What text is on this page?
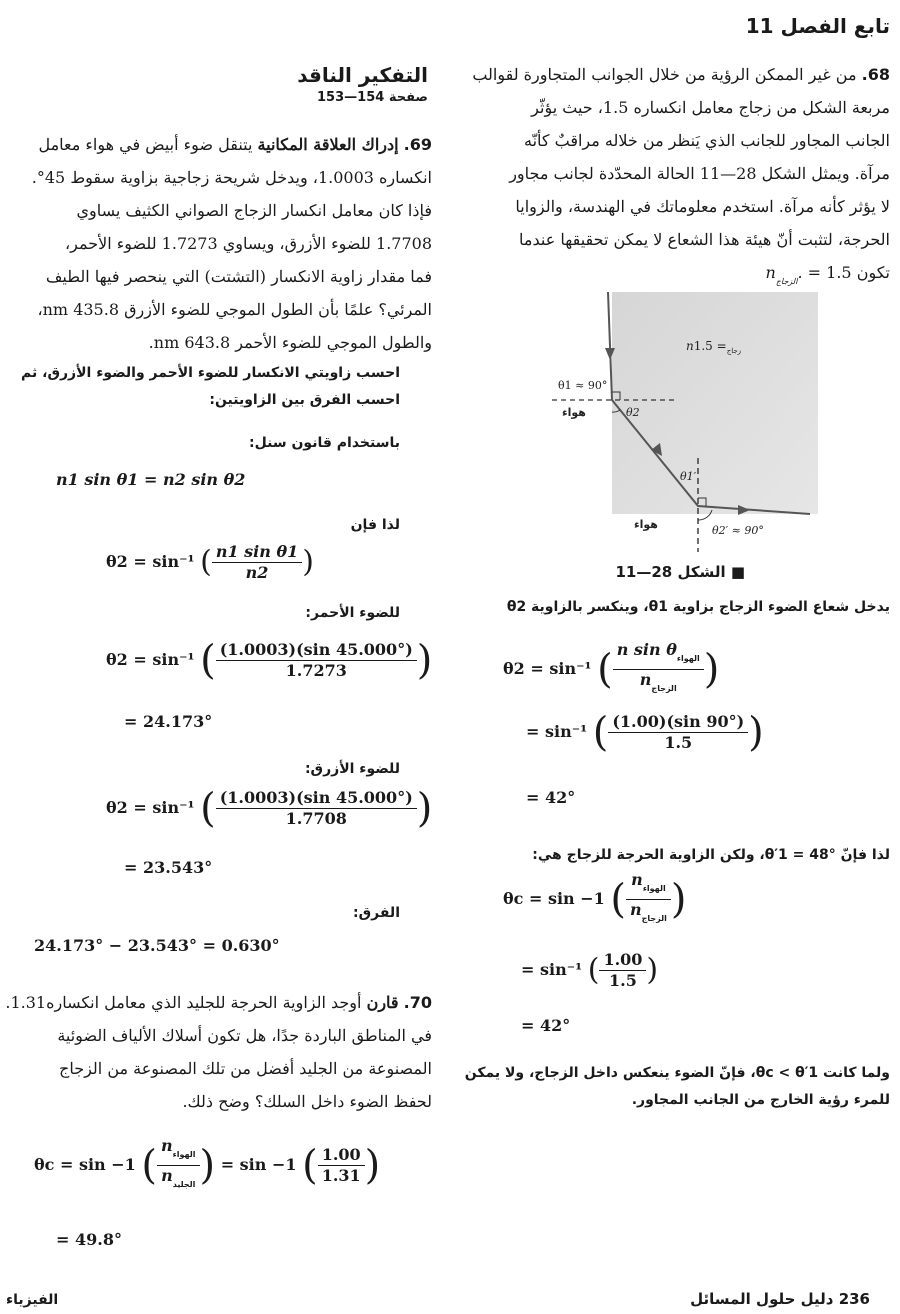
تابع الفصل 11
68. من غير الممكن الرؤية من خلال الجوانب المتجاورة لقوالب
مربعة الشكل من زجاج معامل انكساره 1.5، حيث يؤثّر
الجانب المجاور للجانب الذي يَنظر من خلاله مراقبٌ كأنّه
مرآة. ويمثل الشكل 28—11 الحالة المحدّدة لجانب مجاور
لا يؤثر كأنه مرآة. استخدم معلوماتك في الهندسة، والزوايا
الحرجة، لتثبت أنّ هيئة هذا الشعاع لا يمكن تحقيقها عندما
تكون $1.5 = n_{الزجاج}$.
n	$_{زجاج}$= 1.5
θ1 ≈ 90°
هواء	θ2
θ1′
هواء	θ2′ ≈ 90°
■ الشكل 28—11
يدخل شعاع الضوء الزجاج بزاوية θ1، وينكسر بالزاوية θ2
θ2 = sin⁻¹ ( $\frac{n \sin \theta_{الهواء}}{n_{الزجاج}}$ )
= sin⁻¹ ( $\frac{(1.00)(\sin 90^\circ)}{1.5}$ )
= 42°
لذا فإنّ θ′1 = 48°، ولكن الزاوية الحرجة للزجاج هي:
θc = sin −1 ( $\frac{n_{الهواء}}{n_{الزجاج}}$ )
= sin⁻¹ ( $\frac{1.00}{1.5}$ )
= 42°
ولما كانت θc < θ′1، فإنّ الضوء ينعكس داخل الزجاج، ولا يمكن
للمرء رؤية الخارج من الجانب المجاور.
التفكير الناقد
صفحة 154—153
69. إدراك العلاقة المكانية يتنقل ضوء أبيض في هواء معامل
انكساره 1.0003، ويدخل شريحة زجاجية بزاوية سقوط 45°.
فإذا كان معامل انكسار الزجاج الصواني الكثيف يساوي
1.7708 للضوء الأزرق، ويساوي 1.7273 للضوء الأحمر،
فما مقدار زاوية الانكسار (التشتت) التي ينحصر فيها الطيف
المرئي؟ علمًا بأن الطول الموجي للضوء الأزرق 435.8 nm،
والطول الموجي للضوء الأحمر 643.8 nm.
احسب زاويتي الانكسار للضوء الأحمر والضوء الأزرق، ثم
احسب الفرق بين الزاويتين:
باستخدام قانون سنل:
n1 sin θ1 = n2 sin θ2
لذا فإن
θ2 = sin⁻¹ ( $\frac{\text{n1 sin θ1}}{n2}$ )
للضوء الأحمر:
θ2 = sin⁻¹ ( $\frac{(1.0003)(\sin 45.000^\circ)}{1.7273}$ )
= 24.173°
للضوء الأزرق:
θ2 = sin⁻¹ ( $\frac{(1.0003)(\sin 45.000^\circ)}{1.7708}$ )
= 23.543°
الفرق:
24.173° − 23.543° = 0.630°
70. قارن أوجد الزاوية الحرجة للجليد الذي معامل انكساره1.31.
في المناطق الباردة جدًا، هل تكون أسلاك الألياف الضوئية
المصنوعة من الجليد أفضل من تلك المصنوعة من الزجاج
لحفظ الضوء داخل السلك؟ وضح ذلك.
θc = sin −1 ( $\frac{n_{الهواء}}{n_{الجليد}}$ ) = sin −1 ( $\frac{1.00}{1.31}$ )
= 49.8°
236 دليل حلول المسائل
الفيزياء
